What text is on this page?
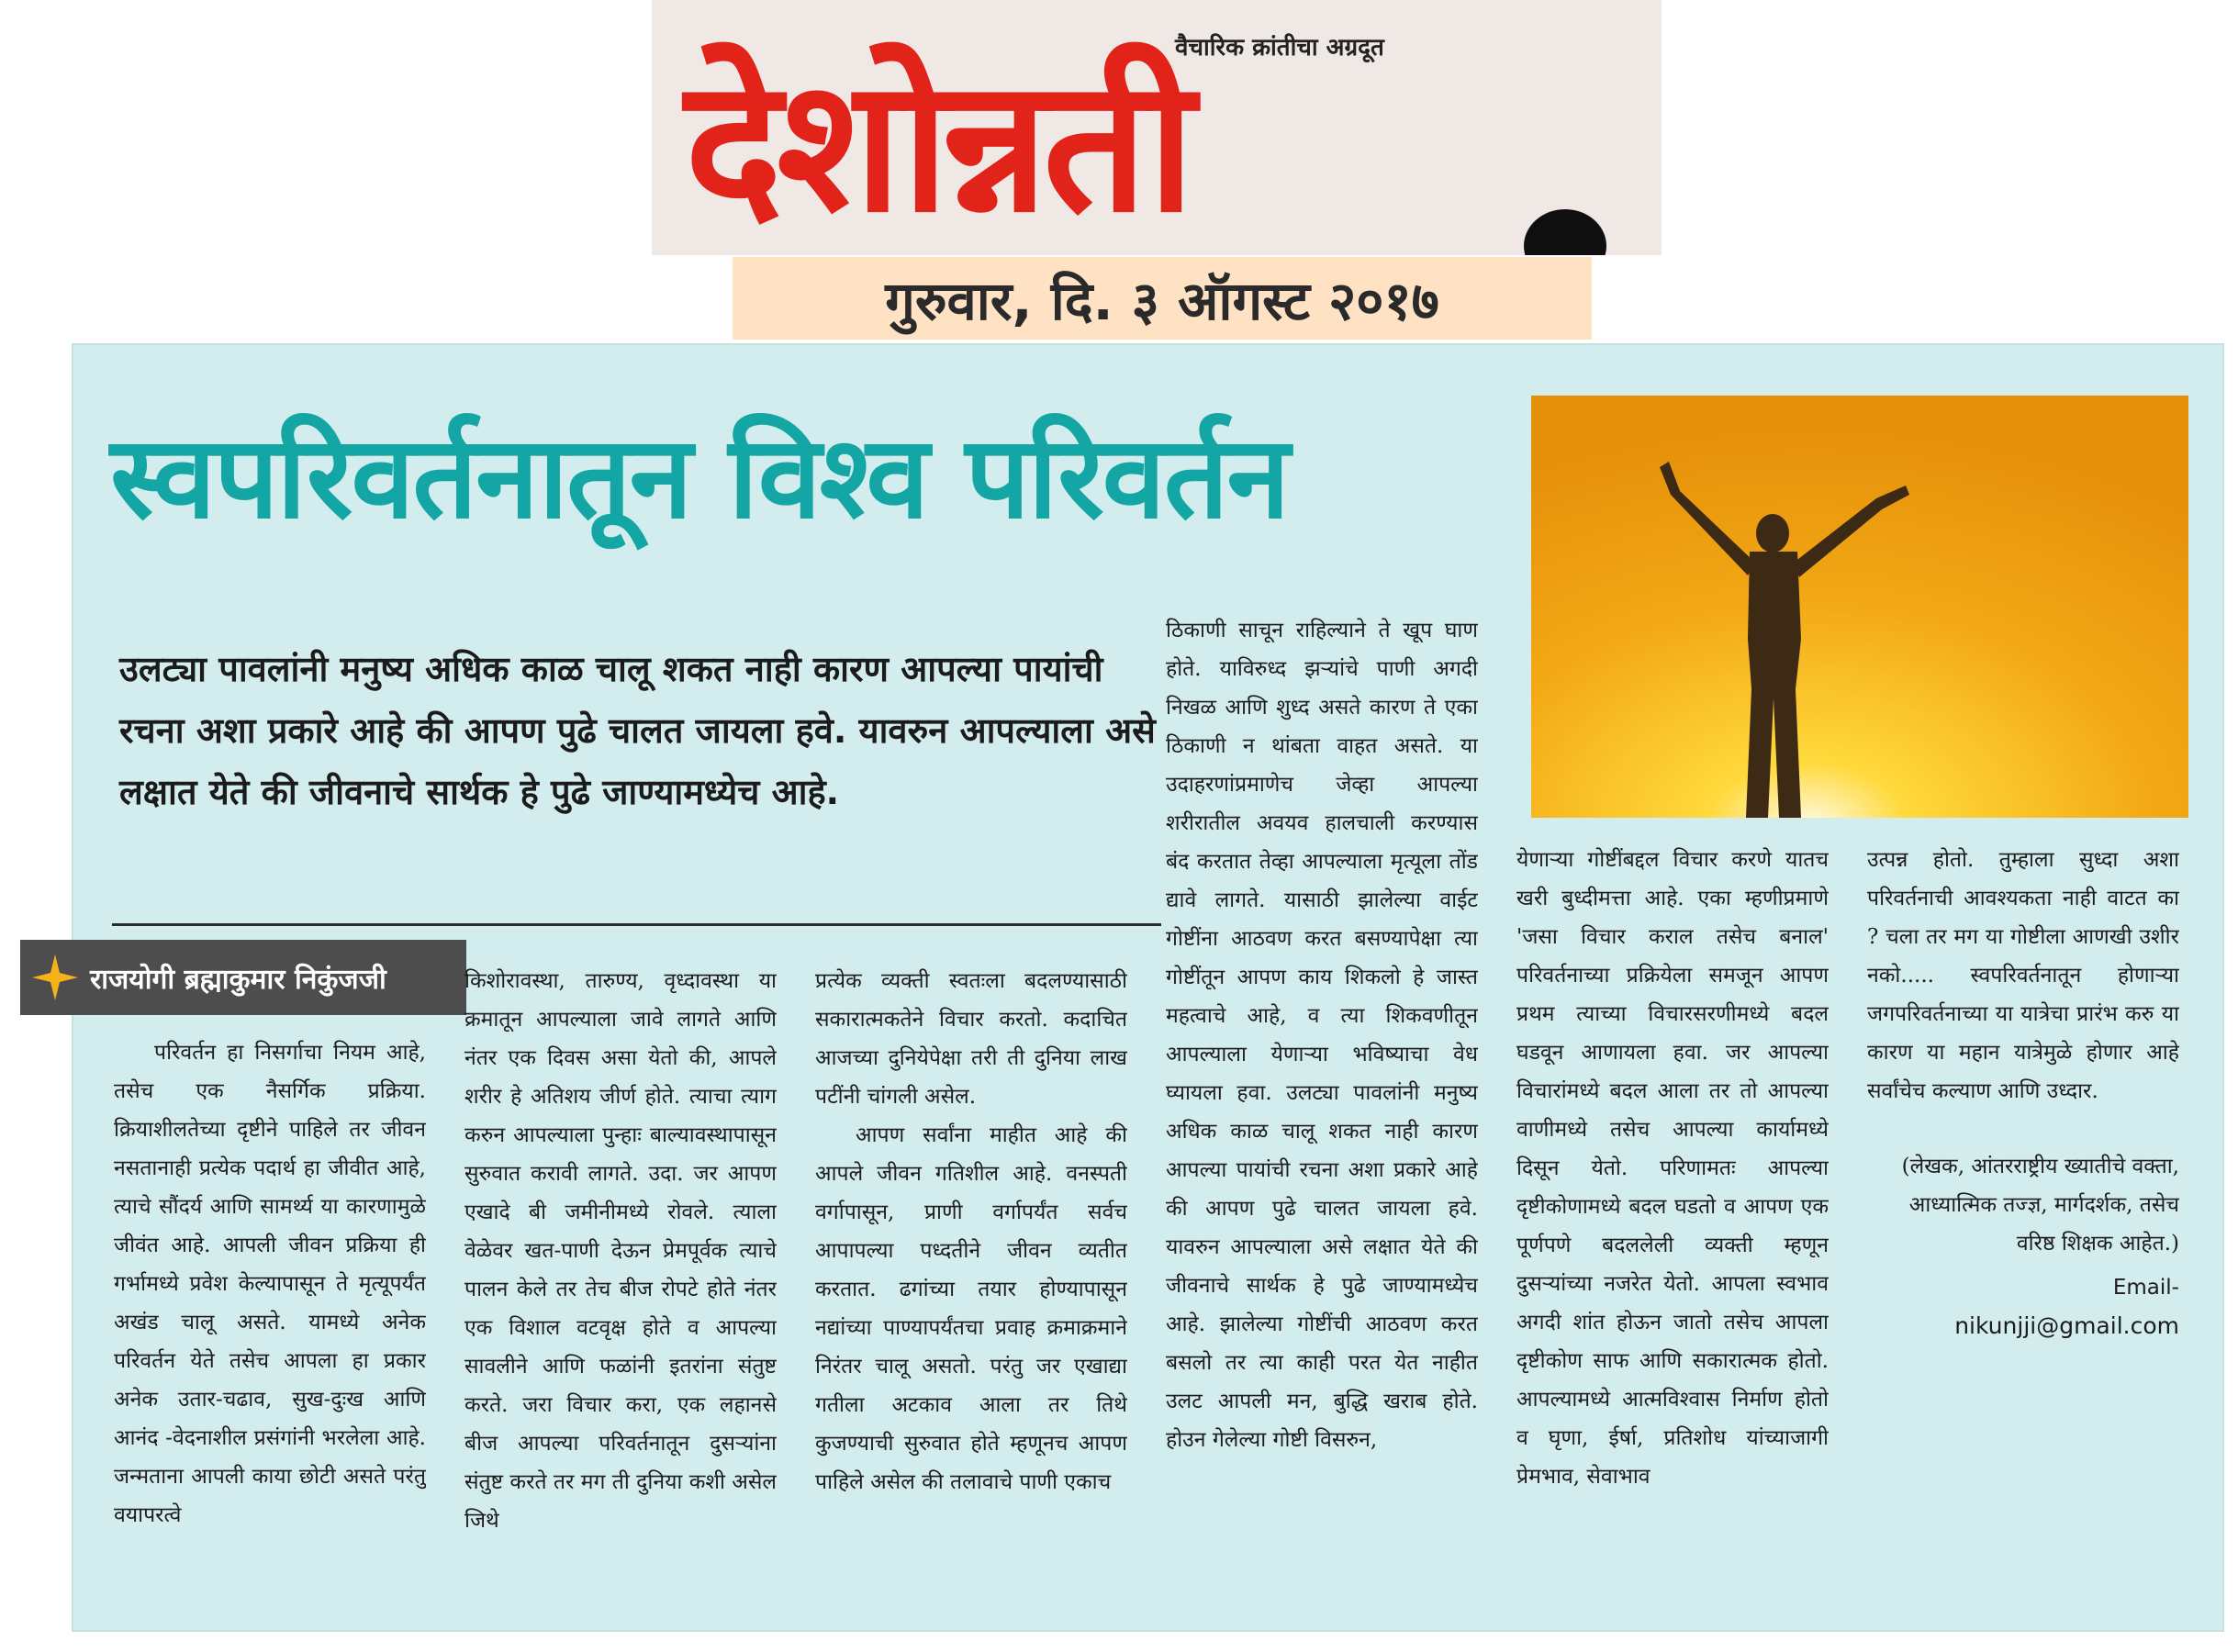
वैचारिक क्रांतीचा अग्रदूत
देशोन्नती
गुरुवार, दि. ३ ऑगस्ट २०१७
स्वपरिवर्तनातून विश्व परिवर्तन

उलट्या पावलांनी मनुष्य अधिक काळ चालू शकत नाही कारण आपल्या पायांची रचना अशा प्रकारे आहे की आपण पुढे चालत जायला हवे. यावरुन आपल्याला असे लक्षात येते की जीवनाचे सार्थक हे पुढे जाण्यामध्येच आहे.

राजयोगी ब्रह्माकुमार निकुंजजी

परिवर्तन हा निसर्गाचा नियम आहे, तसेच एक नैसर्गिक प्रक्रिया. क्रियाशीलतेच्या दृष्टीने पाहिले तर जीवन नसतानाही प्रत्येक पदार्थ हा जीवीत आहे, त्याचे सौंदर्य आणि सामर्थ्य या कारणामुळे जीवंत आहे. आपली जीवन प्रक्रिया ही गर्भामध्ये प्रवेश केल्यापासून ते मृत्यूपर्यंत अखंड चालू असते. यामध्ये अनेक परिवर्तन येते तसेच आपला हा प्रकार अनेक उतार-चढाव, सुख-दुःख आणि आनंद -वेदनाशील प्रसंगांनी भरलेला आहे. जन्मताना आपली काया छोटी असते परंतु वयापरत्वे

किशोरावस्था, तारुण्य, वृध्दावस्था या क्रमातून आपल्याला जावे लागते आणि नंतर एक दिवस असा येतो की, आपले शरीर हे अतिशय जीर्ण होते. त्याचा त्याग करुन आपल्याला पुन्हाः बाल्यावस्थापासून सुरुवात करावी लागते. उदा. जर आपण एखादे बी जमीनीमध्ये रोवले. त्याला वेळेवर खत-पाणी देऊन प्रेमपूर्वक त्याचे पालन केले तर तेच बीज रोपटे होते नंतर एक विशाल वटवृक्ष होते व आपल्या सावलीने आणि फळांनी इतरांना संतुष्ट करते. जरा विचार करा, एक लहानसे बीज आपल्या परिवर्तनातून दुसऱ्यांना संतुष्ट करते तर मग ती दुनिया कशी असेल जिथे

प्रत्येक व्यक्ती स्वतःला बदलण्यासाठी सकारात्मकतेने विचार करतो. कदाचित आजच्या दुनियेपेक्षा तरी ती दुनिया लाख पटींनी चांगली असेल.

आपण सर्वांना माहीत आहे की आपले जीवन गतिशील आहे. वनस्पती वर्गापासून, प्राणी वर्गापर्यंत सर्वच आपापल्या पध्दतीने जीवन व्यतीत करतात. ढगांच्या तयार होण्यापासून नद्यांच्या पाण्यापर्यंतचा प्रवाह क्रमाक्रमाने निरंतर चालू असतो. परंतु जर एखाद्या गतीला अटकाव आला तर तिथे कुजण्याची सुरुवात होते म्हणूनच आपण पाहिले असेल की तलावाचे पाणी एकाच

ठिकाणी साचून राहिल्याने ते खूप घाण होते. याविरुध्द झऱ्यांचे पाणी अगदी निखळ आणि शुध्द असते कारण ते एका ठिकाणी न थांबता वाहत असते. या उदाहरणांप्रमाणेच जेव्हा आपल्या शरीरातील अवयव हालचाली करण्यास बंद करतात तेव्हा आपल्याला मृत्यूला तोंड द्यावे लागते. यासाठी झालेल्या वाईट गोष्टींना आठवण करत बसण्यापेक्षा त्या गोष्टींतून आपण काय शिकलो हे जास्त महत्वाचे आहे, व त्या शिकवणीतून आपल्याला येणाऱ्या भविष्याचा वेध घ्यायला हवा. उलट्या पावलांनी मनुष्य अधिक काळ चालू शकत नाही कारण आपल्या पायांची रचना अशा प्रकारे आहे की आपण पुढे चालत जायला हवे. यावरुन आपल्याला असे लक्षात येते की जीवनाचे सार्थक हे पुढे जाण्यामध्येच आहे. झालेल्या गोष्टींची आठवण करत बसलो तर त्या काही परत येत नाहीत उलट आपली मन, बुद्धि खराब होते. होउन गेलेल्या गोष्टी विसरुन,

येणाऱ्या गोष्टींबद्दल विचार करणे यातच खरी बुध्दीमत्ता आहे. एका म्हणीप्रमाणे 'जसा विचार कराल तसेच बनाल' परिवर्तनाच्या प्रक्रियेला समजून आपण प्रथम त्याच्या विचारसरणीमध्ये बदल घडवून आणायला हवा. जर आपल्या विचारांमध्ये बदल आला तर तो आपल्या वाणीमध्ये तसेच आपल्या कार्यामध्ये दिसून येतो. परिणामतः आपल्या दृष्टीकोणामध्ये बदल घडतो व आपण एक पूर्णपणे बदललेली व्यक्ती म्हणून दुसऱ्यांच्या नजरेत येतो. आपला स्वभाव अगदी शांत होऊन जातो तसेच आपला दृष्टीकोण साफ आणि सकारात्मक होतो. आपल्यामध्ये आत्मविश्वास निर्माण होतो व घृणा, ईर्षा, प्रतिशोध यांच्याजागी प्रेमभाव, सेवाभाव

उत्पन्न होतो. तुम्हाला सुध्दा अशा परिवर्तनाची आवश्यकता नाही वाटत का ? चला तर मग या गोष्टीला आणखी उशीर नको..... स्वपरिवर्तनातून होणाऱ्या जगपरिवर्तनाच्या या यात्रेचा प्रारंभ करु या कारण या महान यात्रेमुळे होणार आहे सर्वांचेच कल्याण आणि उध्दार.

(लेखक, आंतरराष्ट्रीय ख्यातीचे वक्ता, आध्यात्मिक तज्ज्ञ, मार्गदर्शक, तसेच वरिष्ठ शिक्षक आहेत.)
Email-
nikunjji@gmail.com
